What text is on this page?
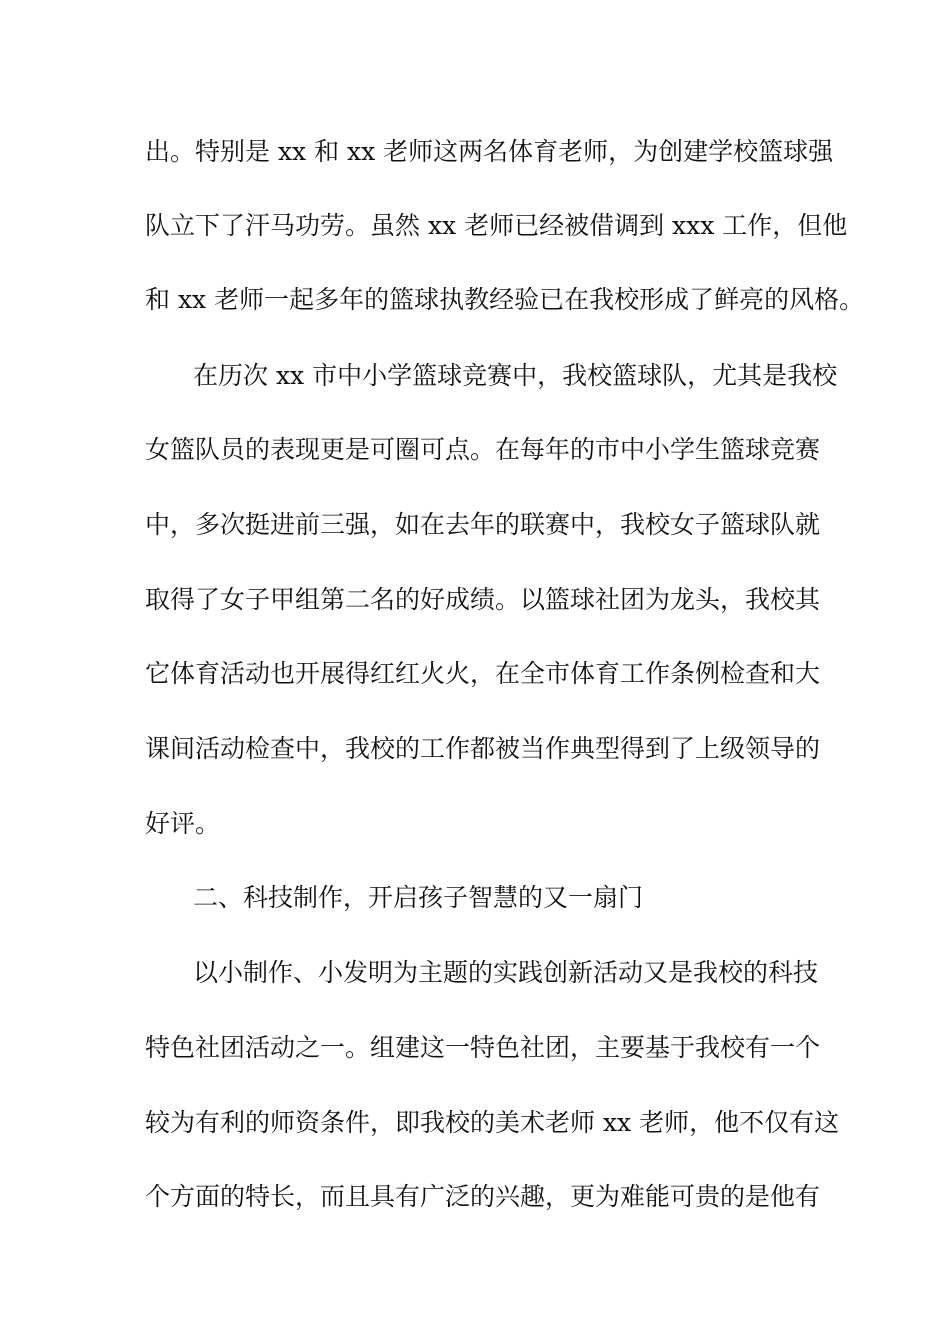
出。特别是 xx 和 xx 老师这两名体育老师，为创建学校篮球强
队立下了汗马功劳。虽然 xx 老师已经被借调到 xxx 工作，但他
和 xx 老师一起多年的篮球执教经验已在我校形成了鲜亮的风格。
在历次 xx 市中小学篮球竞赛中，我校篮球队，尤其是我校
女篮队员的表现更是可圈可点。在每年的市中小学生篮球竞赛
中，多次挺进前三强，如在去年的联赛中，我校女子篮球队就
取得了女子甲组第二名的好成绩。以篮球社团为龙头，我校其
它体育活动也开展得红红火火，在全市体育工作条例检查和大
课间活动检查中，我校的工作都被当作典型得到了上级领导的
好评。
二、科技制作，开启孩子智慧的又一扇门
以小制作、小发明为主题的实践创新活动又是我校的科技
特色社团活动之一。组建这一特色社团，主要基于我校有一个
较为有利的师资条件，即我校的美术老师 xx 老师，他不仅有这
个方面的特长，而且具有广泛的兴趣，更为难能可贵的是他有
